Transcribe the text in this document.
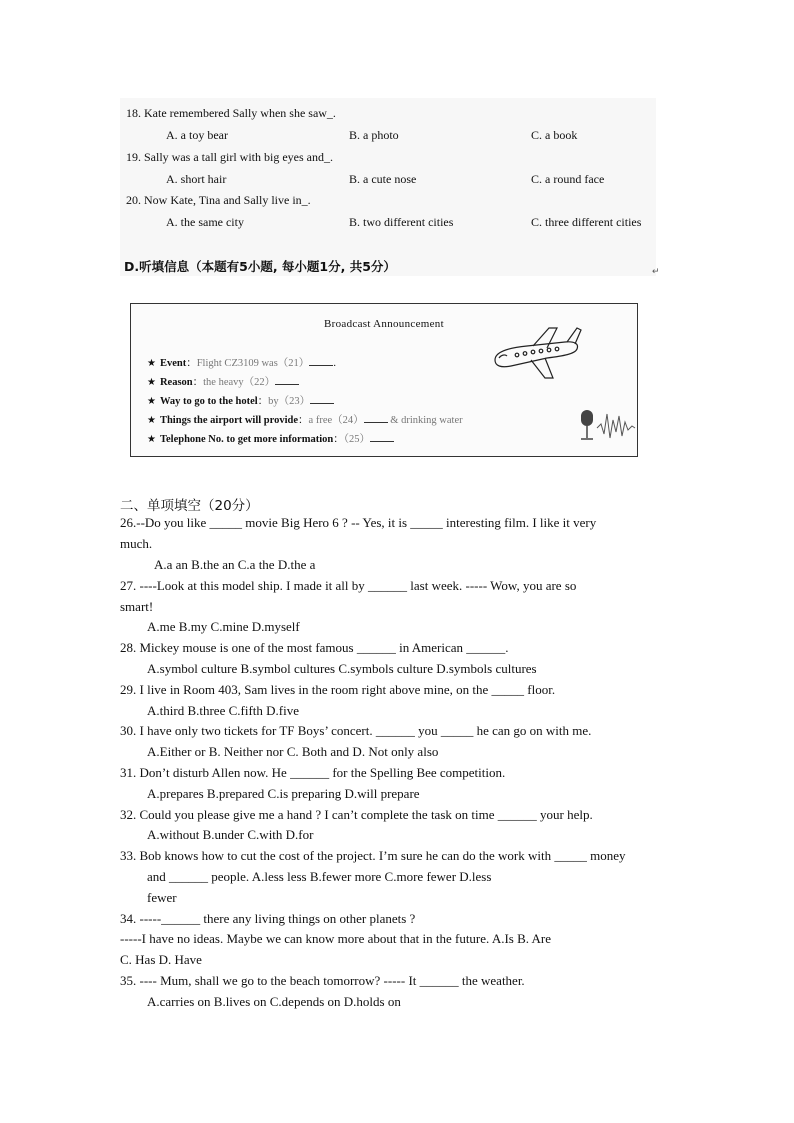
18. Kate remembered Sally when she saw_.
A. a toy bear	B. a photo	C. a book
19. Sally was a tall girl with big eyes and_.
A. short hair	B. a cute nose	C. a round face
20. Now Kate, Tina and Sally live in_.
A. the same city	B. two different cities	C. three different cities
D.听填信息（本题有5小题, 每小题1分, 共5分）	↵
Broadcast Announcement
★ Event：Flight CZ3109 was（21） .
★ Reason：the heavy（22）
★ Way to go to the hotel：by（23）
★ Things the airport will provide：a free（24）	& drinking water
★ Telephone No. to get more information：（25）
二、单项填空（20分）
26.--Do you like _____ movie Big Hero 6 ? -- Yes, it is _____ interesting film. I like it very
much.
A.a an B.the an C.a the D.the a
27. ----Look at this model ship. I made it all by ______ last week. ----- Wow, you are so
smart!
A.me B.my C.mine D.myself
28. Mickey mouse is one of the most famous ______ in American ______.
A.symbol culture B.symbol cultures C.symbols culture D.symbols cultures
29. I live in Room 403, Sam lives in the room right above mine, on the _____ floor.
A.third B.three C.fifth D.five
30. I have only two tickets for TF Boys’ concert. ______ you _____ he can go on with me.
A.Either or B. Neither nor C. Both and D. Not only also
31. Don’t disturb Allen now. He ______ for the Spelling Bee competition.
A.prepares B.prepared C.is preparing D.will prepare
32. Could you please give me a hand ? I can’t complete the task on time ______ your help.
A.without B.under C.with D.for
33. Bob knows how to cut the cost of the project. I’m sure he can do the work with _____ money
and ______ people. A.less less B.fewer more C.more fewer D.less
fewer
34. -----______ there any living things on other planets ?
-----I have no ideas. Maybe we can know more about that in the future. A.Is B. Are
C. Has D. Have
35. ---- Mum, shall we go to the beach tomorrow? ----- It ______ the weather.
A.carries on B.lives on C.depends on D.holds on
